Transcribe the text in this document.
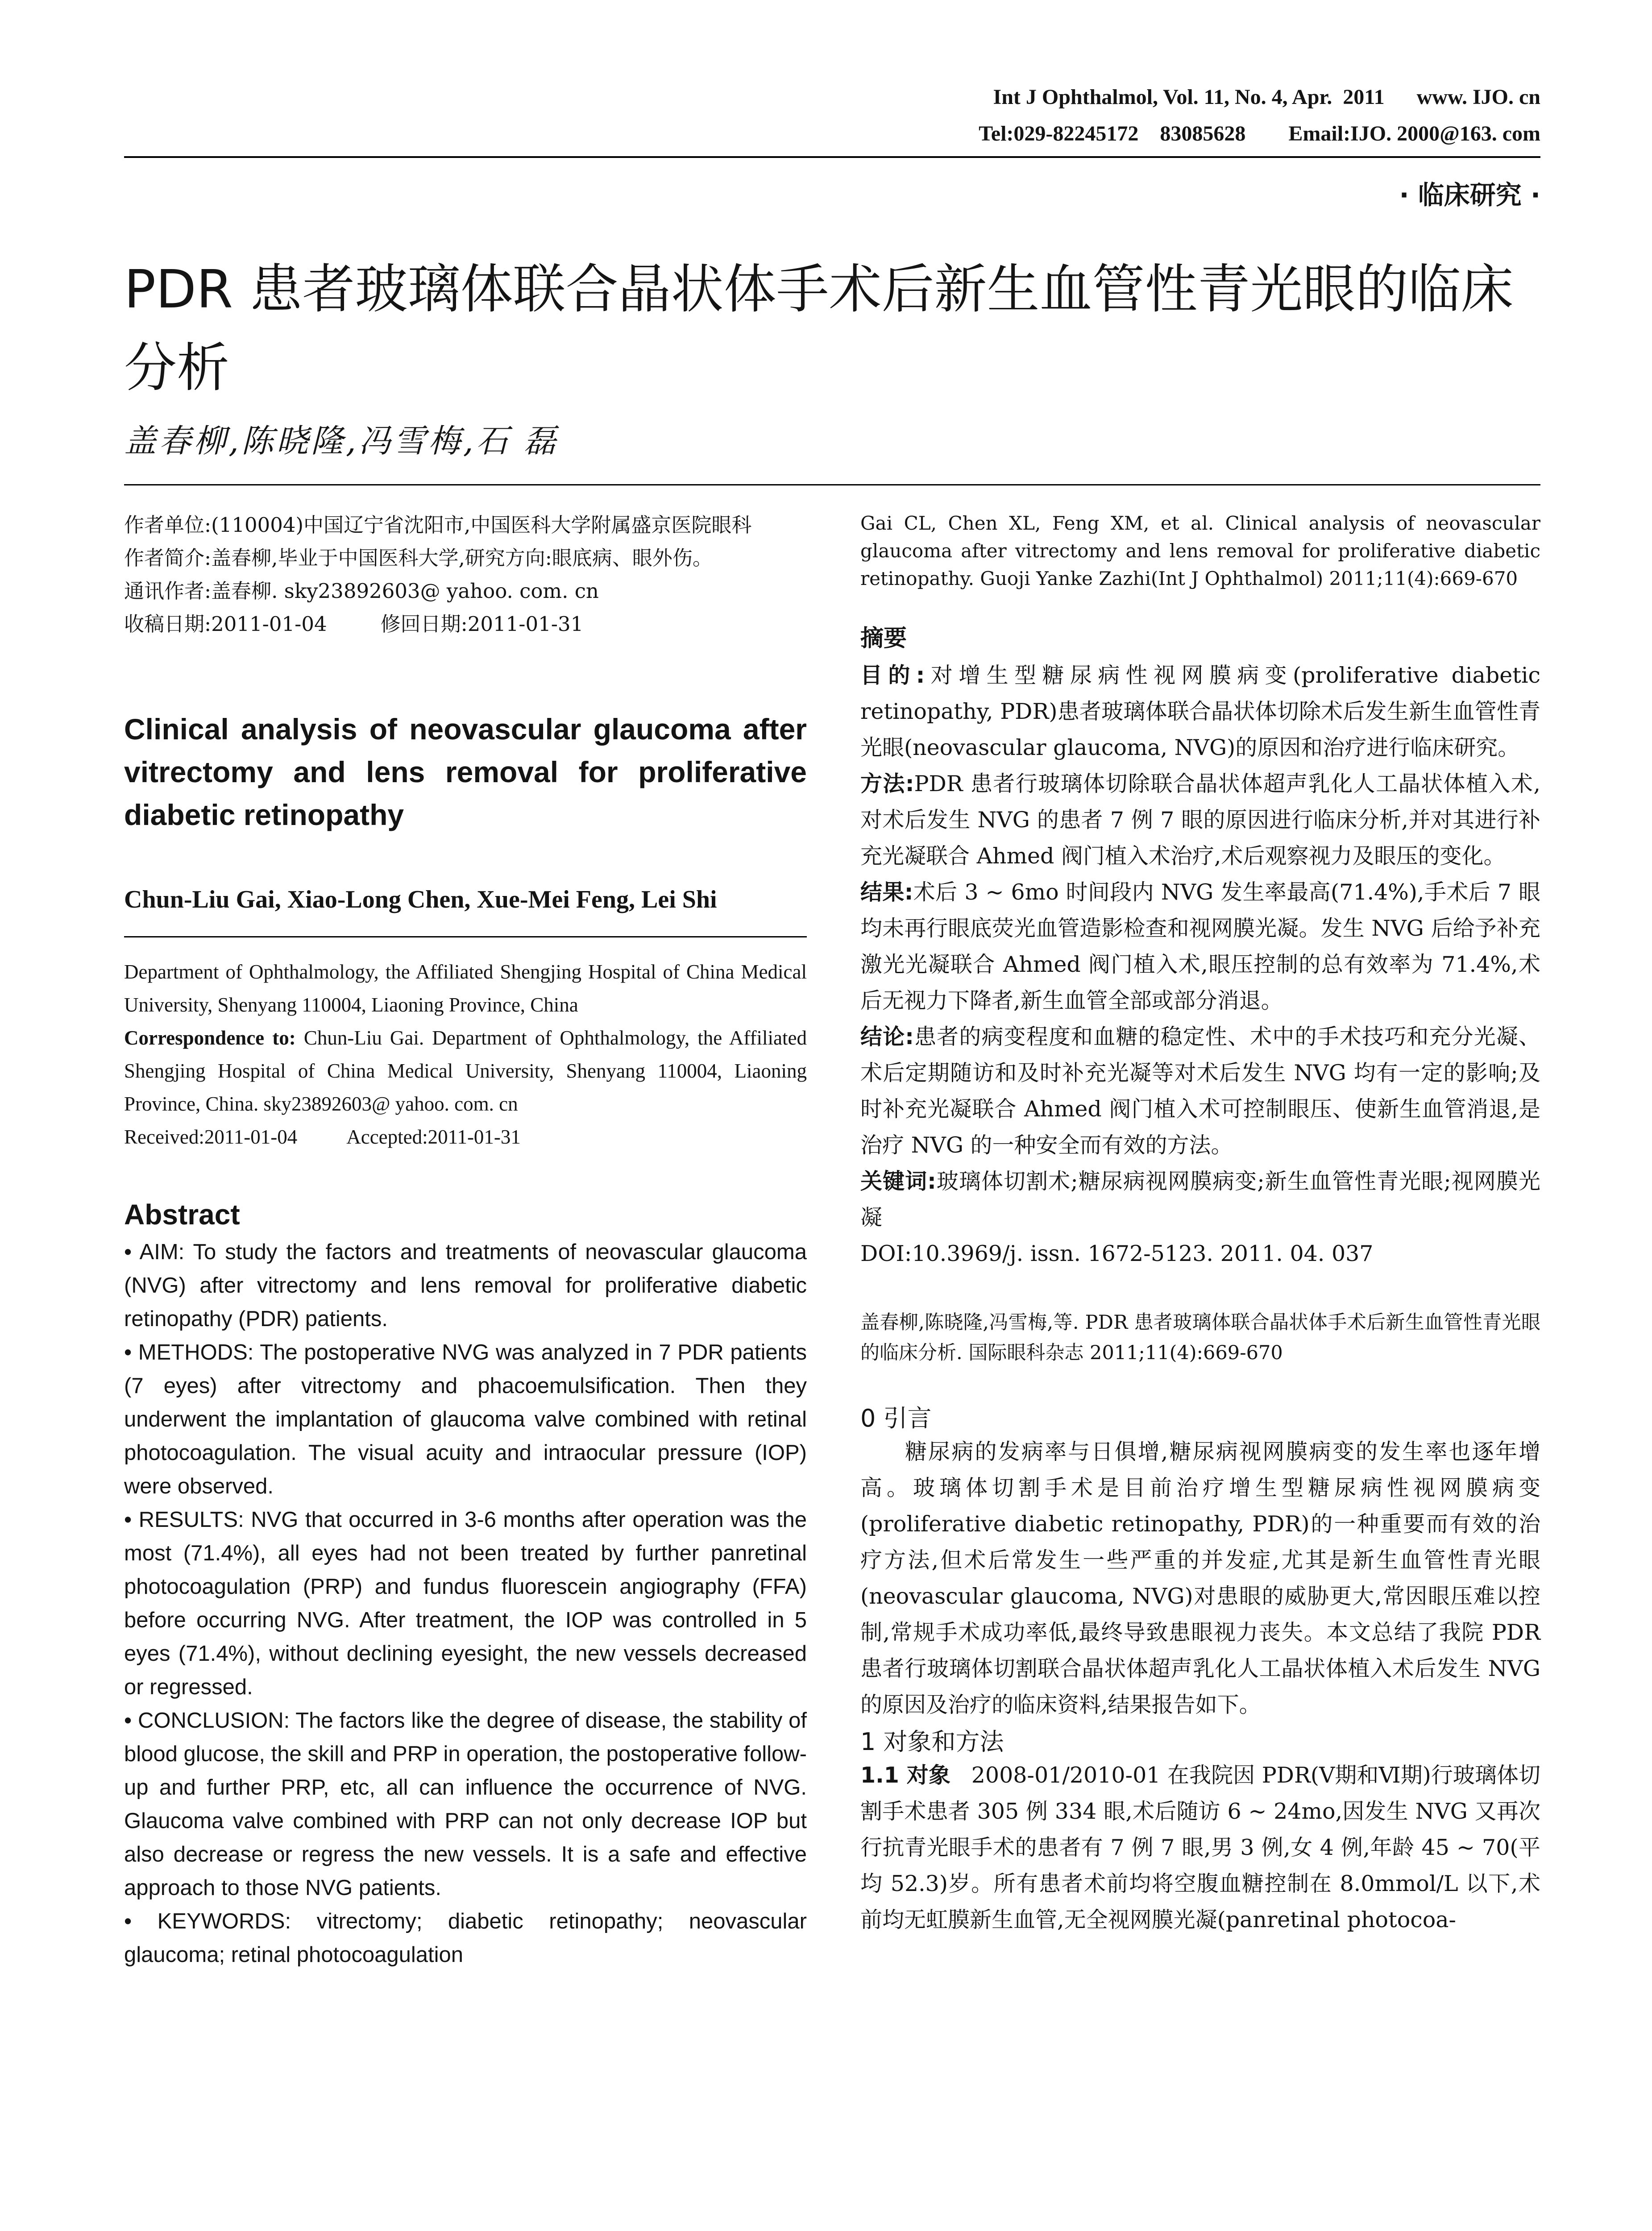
Int J Ophthalmol, Vol. 11, No. 4, Apr.  2011      www. IJO. cn
Tel:029-82245172    83085628        Email:IJO. 2000@163. com
· 临床研究 ·
PDR 患者玻璃体联合晶状体手术后新生血管性青光眼的临床分析
盖春柳,陈晓隆,冯雪梅,石 磊

作者单位:(110004)中国辽宁省沈阳市,中国医科大学附属盛京医院眼科

作者简介:盖春柳,毕业于中国医科大学,研究方向:眼底病、眼外伤。

通讯作者:盖春柳. sky23892603@ yahoo. com. cn

收稿日期:2011-01-04	修回日期:2011-01-31

Clinical analysis of neovascular glaucoma after vitrectomy and lens removal for proliferative diabetic retinopathy
Chun-Liu Gai, Xiao-Long Chen, Xue-Mei Feng, Lei Shi

Department of Ophthalmology, the Affiliated Shengjing Hospital of China Medical University, Shenyang 110004, Liaoning Province, China

Correspondence to: Chun-Liu Gai. Department of Ophthalmology, the Affiliated Shengjing Hospital of China Medical University, Shenyang 110004, Liaoning Province, China. sky23892603@ yahoo. com. cn

Received:2011-01-04 Accepted:2011-01-31

Abstract

• AIM: To study the factors and treatments of neovascular glaucoma (NVG) after vitrectomy and lens removal for proliferative diabetic retinopathy (PDR) patients.

• METHODS: The postoperative NVG was analyzed in 7 PDR patients (7 eyes) after vitrectomy and phacoemulsification. Then they underwent the implantation of glaucoma valve combined with retinal photocoagulation. The visual acuity and intraocular pressure (IOP) were observed.

• RESULTS: NVG that occurred in 3-6 months after operation was the most (71.4%), all eyes had not been treated by further panretinal photocoagulation (PRP) and fundus fluorescein angiography (FFA) before occurring NVG. After treatment, the IOP was controlled in 5 eyes (71.4%), without declining eyesight, the new vessels decreased or regressed.

• CONCLUSION: The factors like the degree of disease, the stability of blood glucose, the skill and PRP in operation, the postoperative follow-up and further PRP, etc, all can influence the occurrence of NVG. Glaucoma valve combined with PRP can not only decrease IOP but also decrease or regress the new vessels. It is a safe and effective approach to those NVG patients.

• KEYWORDS: vitrectomy; diabetic retinopathy; neovascular glaucoma; retinal photocoagulation

Gai CL, Chen XL, Feng XM, et al. Clinical analysis of neovascular glaucoma after vitrectomy and lens removal for proliferative diabetic retinopathy. Guoji Yanke Zazhi(Int J Ophthalmol) 2011;11(4):669-670
摘要

目的:对增生型糖尿病性视网膜病变(proliferative diabetic retinopathy, PDR)患者玻璃体联合晶状体切除术后发生新生血管性青光眼(neovascular glaucoma, NVG)的原因和治疗进行临床研究。

方法:PDR 患者行玻璃体切除联合晶状体超声乳化人工晶状体植入术,对术后发生 NVG 的患者 7 例 7 眼的原因进行临床分析,并对其进行补充光凝联合 Ahmed 阀门植入术治疗,术后观察视力及眼压的变化。

结果:术后 3 ~ 6mo 时间段内 NVG 发生率最高(71.4%),手术后 7 眼均未再行眼底荧光血管造影检查和视网膜光凝。发生 NVG 后给予补充激光光凝联合 Ahmed 阀门植入术,眼压控制的总有效率为 71.4%,术后无视力下降者,新生血管全部或部分消退。

结论:患者的病变程度和血糖的稳定性、术中的手术技巧和充分光凝、术后定期随访和及时补充光凝等对术后发生 NVG 均有一定的影响;及时补充光凝联合 Ahmed 阀门植入术可控制眼压、使新生血管消退,是治疗 NVG 的一种安全而有效的方法。

关键词:玻璃体切割术;糖尿病视网膜病变;新生血管性青光眼;视网膜光凝

DOI:10.3969/j. issn. 1672-5123. 2011. 04. 037

盖春柳,陈晓隆,冯雪梅,等. PDR 患者玻璃体联合晶状体手术后新生血管性青光眼的临床分析. 国际眼科杂志 2011;11(4):669-670
0 引言

糖尿病的发病率与日俱增,糖尿病视网膜病变的发生率也逐年增高。玻璃体切割手术是目前治疗增生型糖尿病性视网膜病变(proliferative diabetic retinopathy, PDR)的一种重要而有效的治疗方法,但术后常发生一些严重的并发症,尤其是新生血管性青光眼(neovascular glaucoma, NVG)对患眼的威胁更大,常因眼压难以控制,常规手术成功率低,最终导致患眼视力丧失。本文总结了我院 PDR 患者行玻璃体切割联合晶状体超声乳化人工晶状体植入术后发生 NVG 的原因及治疗的临床资料,结果报告如下。

1 对象和方法

1.1 对象 2008-01/2010-01 在我院因 PDR(Ⅴ期和Ⅵ期)行玻璃体切割手术患者 305 例 334 眼,术后随访 6 ~ 24mo,因发生 NVG 又再次行抗青光眼手术的患者有 7 例 7 眼,男 3 例,女 4 例,年龄 45 ~ 70(平均 52.3)岁。所有患者术前均将空腹血糖控制在 8.0mmol/L 以下,术前均无虹膜新生血管,无全视网膜光凝(panretinal photocoa-
